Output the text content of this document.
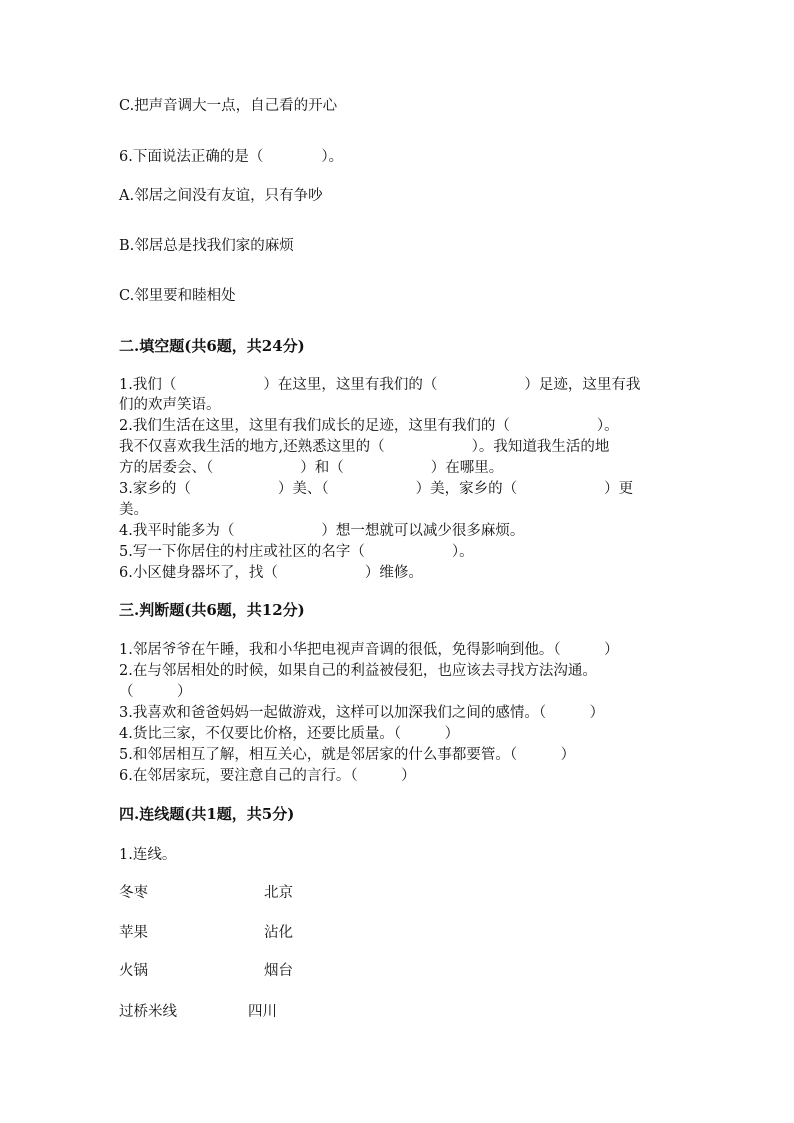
C.把声音调大一点，自己看的开心
6.下面说法正确的是（　　　　）。
A.邻居之间没有友谊，只有争吵
B.邻居总是找我们家的麻烦
C.邻里要和睦相处
二.填空题(共6题，共24分)
1.我们（　　　　　　）在这里，这里有我们的（　　　　　　）足迹，这里有我
们的欢声笑语。
2.我们生活在这里，这里有我们成长的足迹，这里有我们的（　　　　　　）。
我不仅喜欢我生活的地方,还熟悉这里的（　　　　　　）。我知道我生活的地
方的居委会、（　　　　　　）和（　　　　　　）在哪里。
3.家乡的（　　　　　　）美、（　　　　　　）美，家乡的（　　　　　　）更
美。
4.我平时能多为（　　　　　　）想一想就可以减少很多麻烦。
5.写一下你居住的村庄或社区的名字（　　　　　　）。
6.小区健身器坏了，找（　　　　　　）维修。
三.判断题(共6题，共12分)
1.邻居爷爷在午睡，我和小华把电视声音调的很低，免得影响到他。（　　　）
2.在与邻居相处的时候，如果自己的利益被侵犯，也应该去寻找方法沟通。
（　　　）
3.我喜欢和爸爸妈妈一起做游戏，这样可以加深我们之间的感情。（　　　）
4.货比三家，不仅要比价格，还要比质量。（　　　）
5.和邻居相互了解，相互关心，就是邻居家的什么事都要管。（　　　）
6.在邻居家玩，要注意自己的言行。（　　　）
四.连线题(共1题，共5分)
1.连线。
冬枣	北京
苹果	沾化
火锅	烟台
过桥米线	四川
